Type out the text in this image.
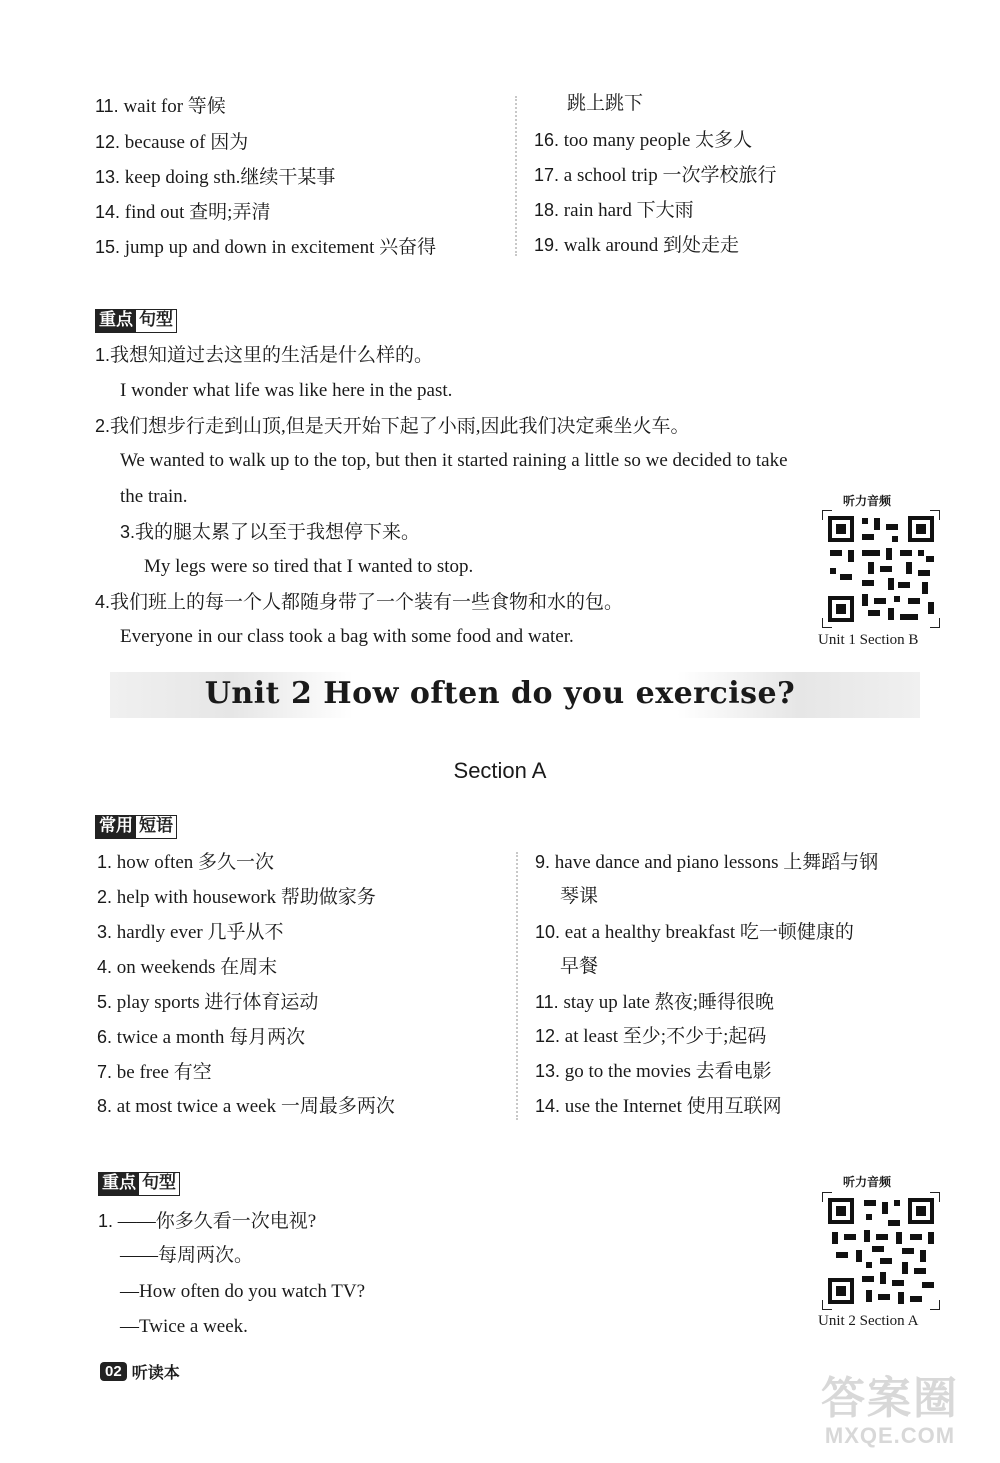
11. wait for 等候
12. because of 因为
13. keep doing sth.继续干某事
14. find out 查明;弄清
15. jump up and down in excitement 兴奋得
跳上跳下
16. too many people 太多人
17. a school trip 一次学校旅行
18. rain hard 下大雨
19. walk around 到处走走
重点 句型
1.我想知道过去这里的生活是什么样的。
I wonder what life was like here in the past.
2.我们想步行走到山顶,但是天开始下起了小雨,因此我们决定乘坐火车。
We wanted to walk up to the top, but then it started raining a little so we decided to take
the train.
3.我的腿太累了以至于我想停下来。
My legs were so tired that I wanted to stop.
4.我们班上的每一个人都随身带了一个装有一些食物和水的包。
Everyone in our class took a bag with some food and water.
听力音频
Unit 1 Section B
Unit 2 How often do you exercise?
Section A
常用 短语
1. how often 多久一次
2. help with housework 帮助做家务
3. hardly ever 几乎从不
4. on weekends 在周末
5. play sports 进行体育运动
6. twice a month 每月两次
7. be free 有空
8. at most twice a week 一周最多两次
9. have dance and piano lessons 上舞蹈与钢
琴课
10. eat a healthy breakfast 吃一顿健康的
早餐
11. stay up late 熬夜;睡得很晚
12. at least 至少;不少于;起码
13. go to the movies 去看电影
14. use the Internet 使用互联网
重点 句型
1. ——你多久看一次电视?
——每周两次。
—How often do you watch TV?
—Twice a week.
听力音频
Unit 2 Section A
02 听读本
答案圈
MXQE.COM
